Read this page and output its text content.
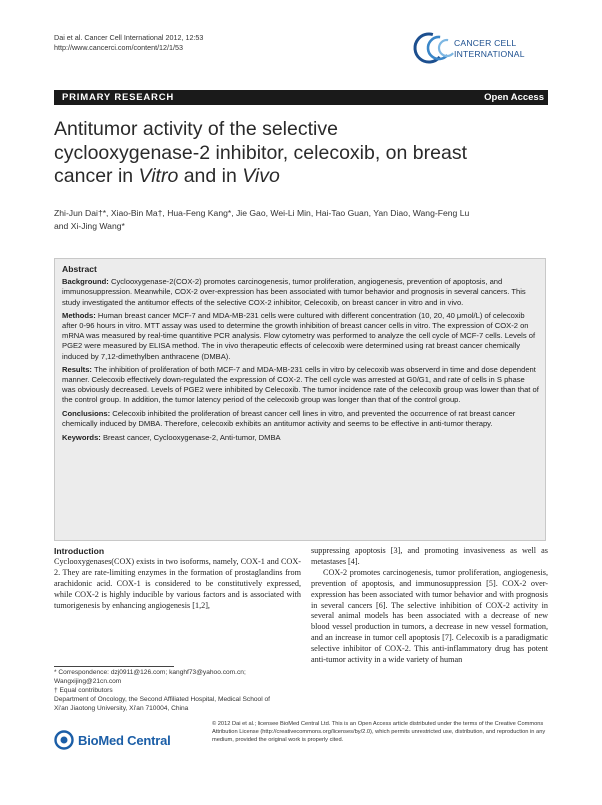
Dai et al. Cancer Cell International 2012, 12:53
http://www.cancerci.com/content/12/1/53	CANCER CELL
INTERNATIONAL
PRIMARY RESEARCH	Open Access
Antitumor activity of the selective
cyclooxygenase-2 inhibitor, celecoxib, on breast
cancer in Vitro and in Vivo
Zhi-Jun Dai†*, Xiao-Bin Ma†, Hua-Feng Kang*, Jie Gao, Wei-Li Min, Hai-Tao Guan, Yan Diao, Wang-Feng Lu
and Xi-Jing Wang*
Abstract

Background: Cyclooxygenase-2(COX-2) promotes carcinogenesis, tumor proliferation, angiogenesis, prevention of apoptosis, and immunosuppression. Meanwhile, COX-2 over-expression has been associated with tumor behavior and prognosis in several cancers. This study investigated the antitumor effects of the selective COX-2 inhibitor, Celecoxib, on breast cancer in vitro and in vivo.

Methods: Human breast cancer MCF-7 and MDA-MB-231 cells were cultured with different concentration (10, 20, 40 μmol/L) of celecoxib after 0-96 hours in vitro. MTT assay was used to determine the growth inhibition of breast cancer cells in vitro. The expression of COX-2 on mRNA was measured by real-time quantitive PCR analysis. Flow cytometry was performed to analyze the cell cycle of MCF-7 cells. Levels of PGE2 were measured by ELISA method. The in vivo therapeutic effects of celecoxib were determined using rat breast cancer chemically induced by 7,12-dimethylben anthracene (DMBA).

Results: The inhibition of proliferation of both MCF-7 and MDA-MB-231 cells in vitro by celecoxib was observerd in time and dose dependent manner. Celecoxib effectively down-regulated the expression of COX-2. The cell cycle was arrested at G0/G1, and rate of cells in S phase was obviously decreased. Levels of PGE2 were inhibited by Celecoxib. The tumor incidence rate of the celecoxib group was lower than that of the control group. In addition, the tumor latency period of the celecoxib group was longer than that of the control group.

Conclusions: Celecoxib inhibited the proliferation of breast cancer cell lines in vitro, and prevented the occurrence of rat breast cancer chemically induced by DMBA. Therefore, celecoxib exhibits an antitumor activity and seems to be effective in anti-tumor therapy.

Keywords: Breast cancer, Cyclooxygenase-2, Anti-tumor, DMBA

Introduction

Cyclooxygenases(COX) exists in two isoforms, namely, COX-1 and COX-2. They are rate-limiting enzymes in the formation of prostaglandins from arachidonic acid. COX-1 is considered to be constitutively expressed, while COX-2 is highly inducible by various factors and is associated with tumorigenesis by enhancing angiogenesis [1,2],

suppressing apoptosis [3], and promoting invasiveness as well as metastases [4].

COX-2 promotes carcinogenesis, tumor proliferation, angiogenesis, prevention of apoptosis, and immunosuppression [5]. COX-2 over-expression has been associated with tumor behavior and with prognosis in several cancers [6]. The selective inhibition of COX-2 activity in several animal models has been associated with a decrease of new blood vessel production in tumors, a decrease in new vessel formation, and an increase in tumor cell apoptosis [7]. Celecoxib is a paradigmatic selective inhibitor of COX-2. This anti-inflammatory drug has potent anti-tumor activity in a wide variety of human

* Correspondence: dzj0911@126.com; kanghf73@yahoo.com.cn;
Wangxijing@21cn.com
† Equal contributors
Department of Oncology, the Second Affiliated Hospital, Medical School of
Xi'an Jiaotong University, Xi'an 710004, China
BioMed Central
© 2012 Dai et al.; licensee BioMed Central Ltd. This is an Open Access article distributed under the terms of the Creative Commons Attribution License (http://creativecommons.org/licenses/by/2.0), which permits unrestricted use, distribution, and reproduction in any medium, provided the original work is properly cited.
